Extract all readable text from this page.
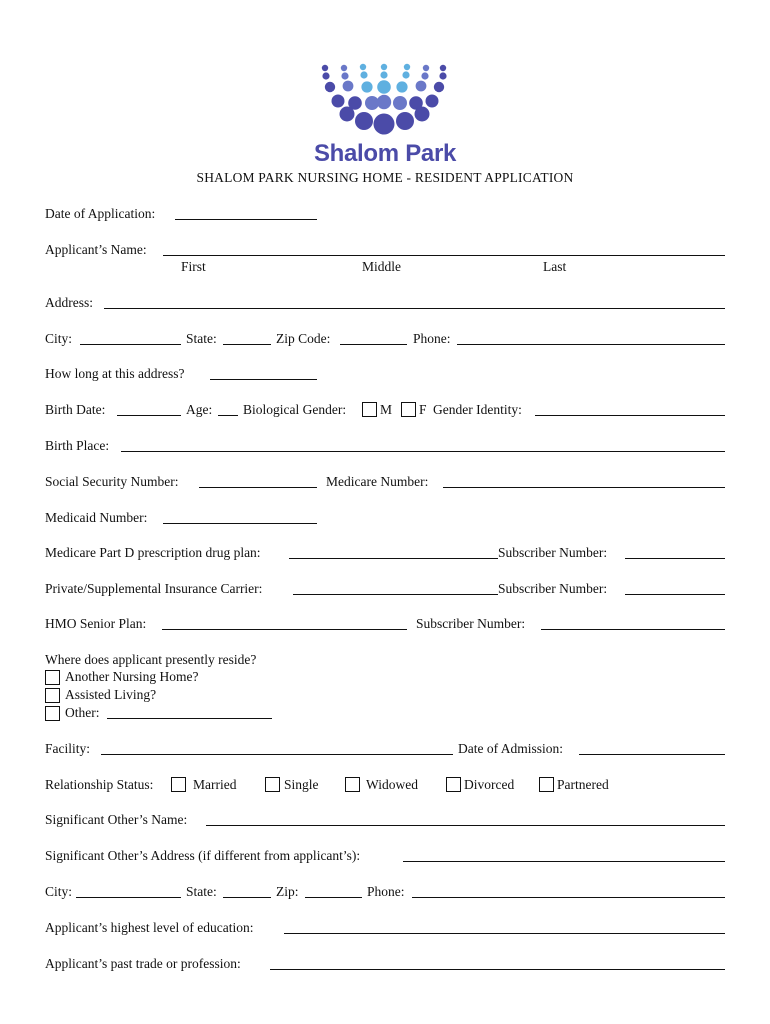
Shalom Park
SHALOM PARK NURSING HOME - RESIDENT APPLICATION
Date of Application:
Applicant’s Name:
First	Middle	Last
Address:
City:	State:	Zip Code:	Phone:
How long at this address?
Birth Date:	Age: Biological Gender:	M F Gender Identity:
Birth Place:
Social Security Number:	Medicare Number:
Medicaid Number:
Medicare Part D prescription drug plan:	Subscriber Number:
Private/Supplemental Insurance Carrier:	Subscriber Number:
HMO Senior Plan:	Subscriber Number:
Where does applicant presently reside?
Another Nursing Home?
Assisted Living?
Other:
Facility:	Date of Admission:
Relationship Status:	Married	Single	Widowed	Divorced	Partnered
Significant Other’s Name:
Significant Other’s Address (if different from applicant’s):
City:	State:	Zip:	Phone:
Applicant’s highest level of education:
Applicant’s past trade or profession:
